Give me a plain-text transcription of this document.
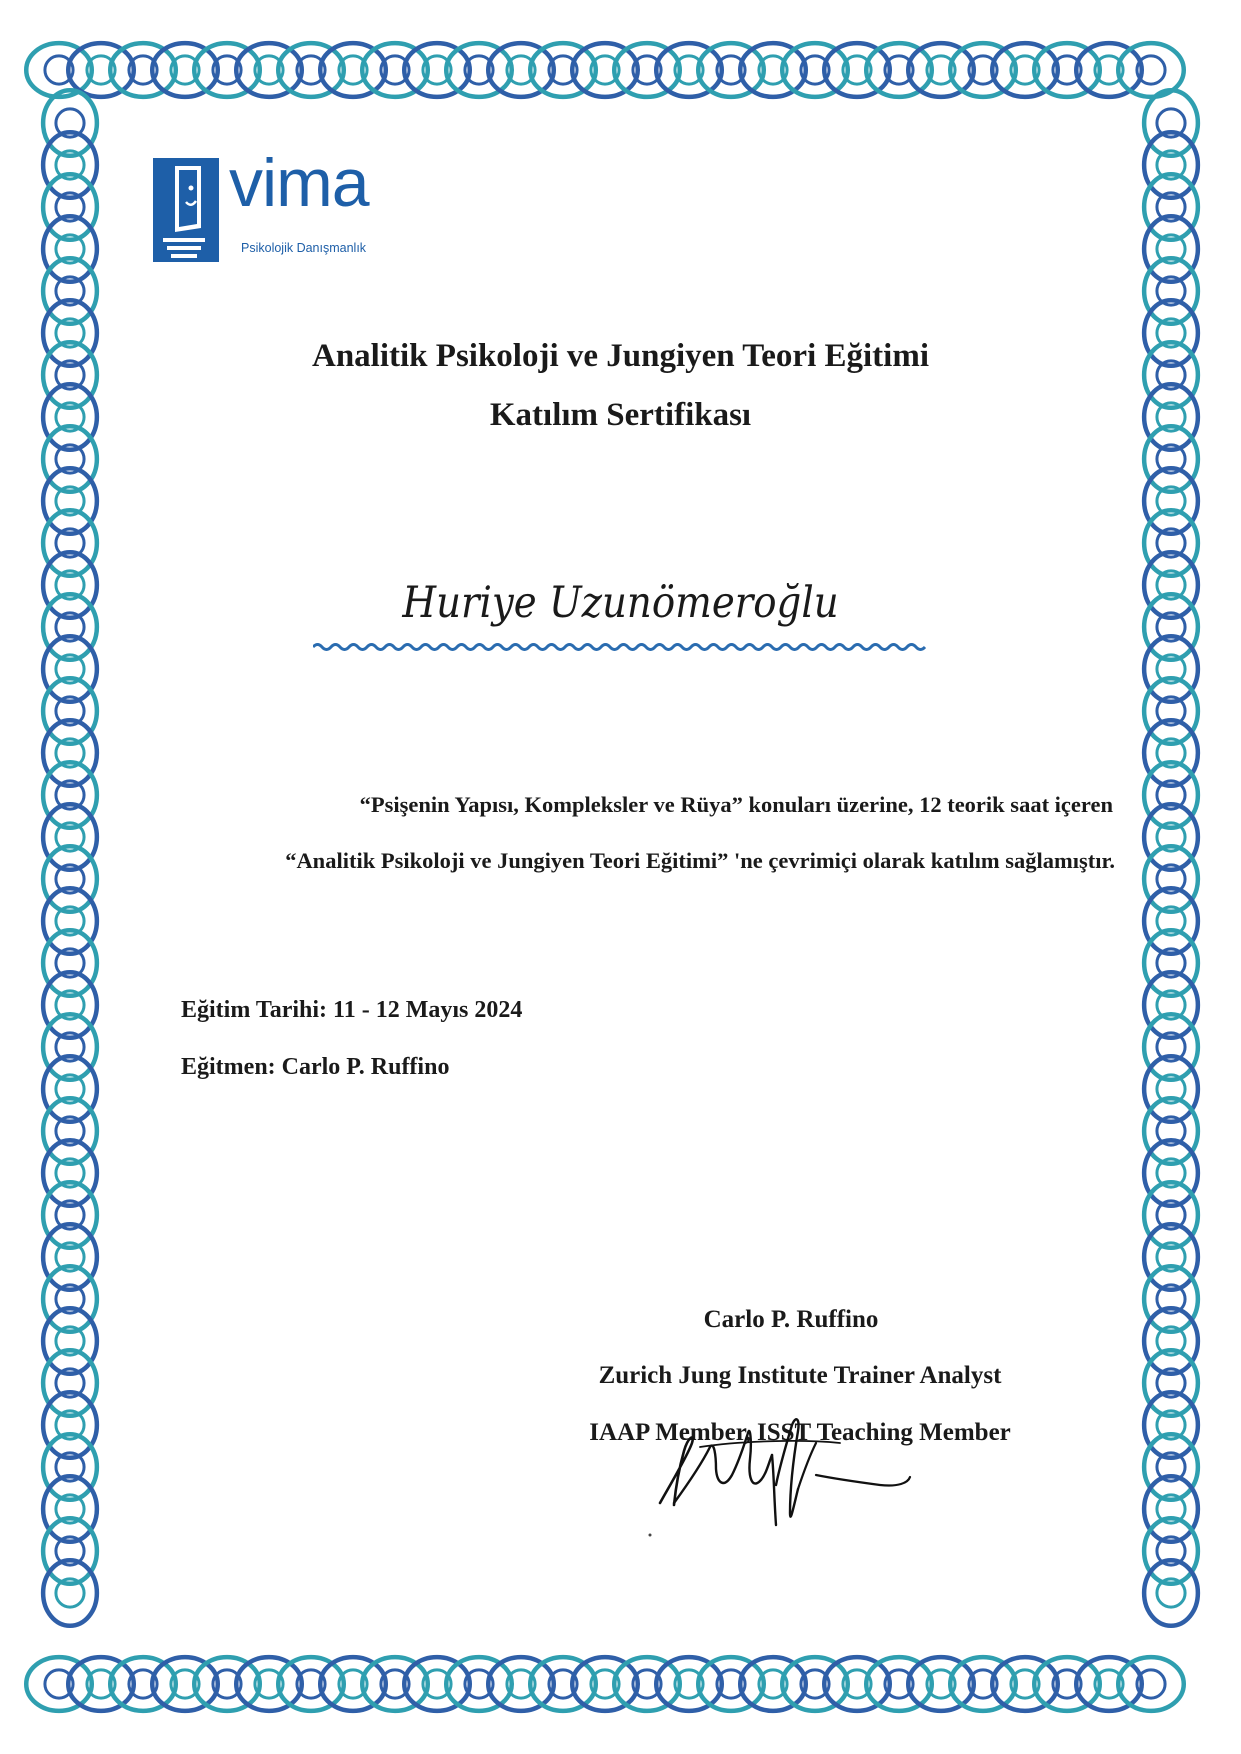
vima
Psikolojik Danışmanlık
Analitik Psikoloji ve Jungiyen Teori Eğitimi
Katılım Sertifikası
Huriye Uzunömeroğlu
“Psişenin Yapısı, Kompleksler ve Rüya” konuları üzerine, 12 teorik saat içeren
“Analitik Psikoloji ve Jungiyen Teori Eğitimi” 'ne çevrimiçi olarak katılım sağlamıştır.
Eğitim Tarihi: 11 - 12 Mayıs 2024
Eğitmen: Carlo P. Ruffino
Carlo P. Ruffino
Zurich Jung Institute Trainer Analyst
IAAP Member, ISST Teaching Member
